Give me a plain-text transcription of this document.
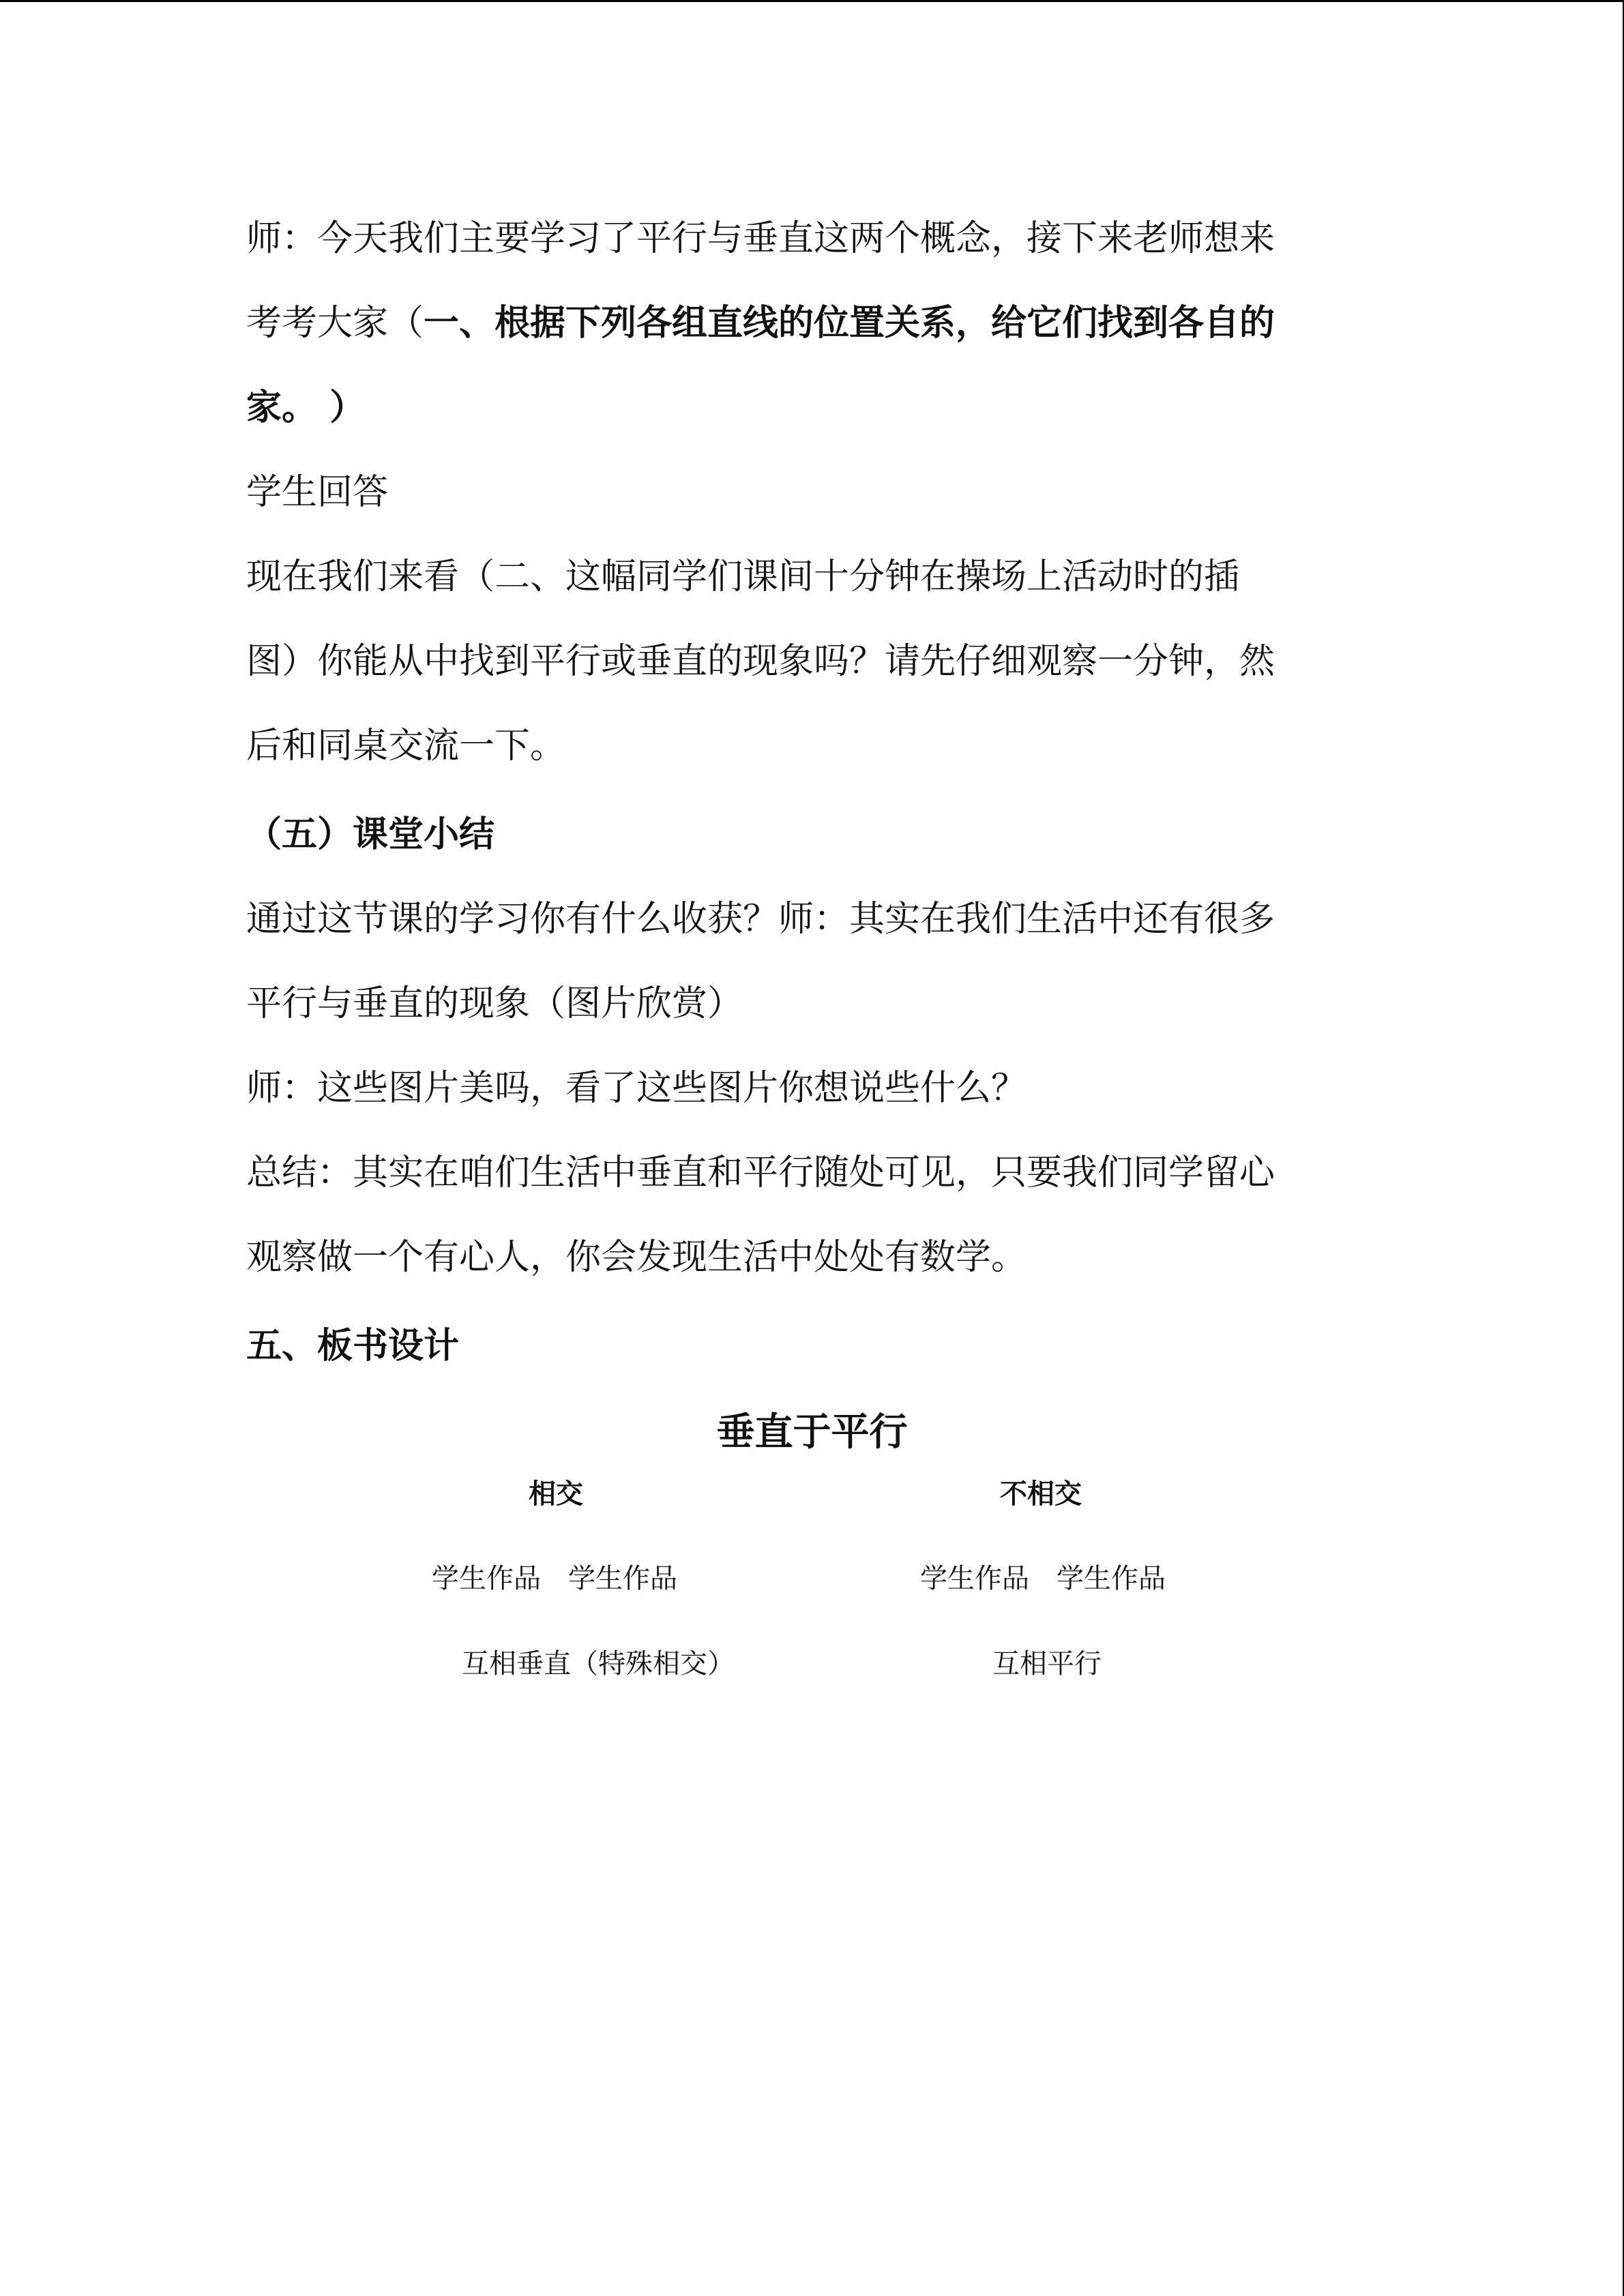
师：今天我们主要学习了平行与垂直这两个概念，接下来老师想来
考考大家（一、根据下列各组直线的位置关系，给它们找到各自的
家。 ）
学生回答
现在我们来看（二、这幅同学们课间十分钟在操场上活动时的插
图）你能从中找到平行或垂直的现象吗？请先仔细观察一分钟，然
后和同桌交流一下。
（五）课堂小结
通过这节课的学习你有什么收获？师：其实在我们生活中还有很多
平行与垂直的现象（图片欣赏）
师：这些图片美吗，看了这些图片你想说些什么？
总结：其实在咱们生活中垂直和平行随处可见，只要我们同学留心
观察做一个有心人，你会发现生活中处处有数学。
五、板书设计
垂直于平行
相交
学生作品　学生作品
互相垂直（特殊相交）
不相交
学生作品　学生作品
互相平行
